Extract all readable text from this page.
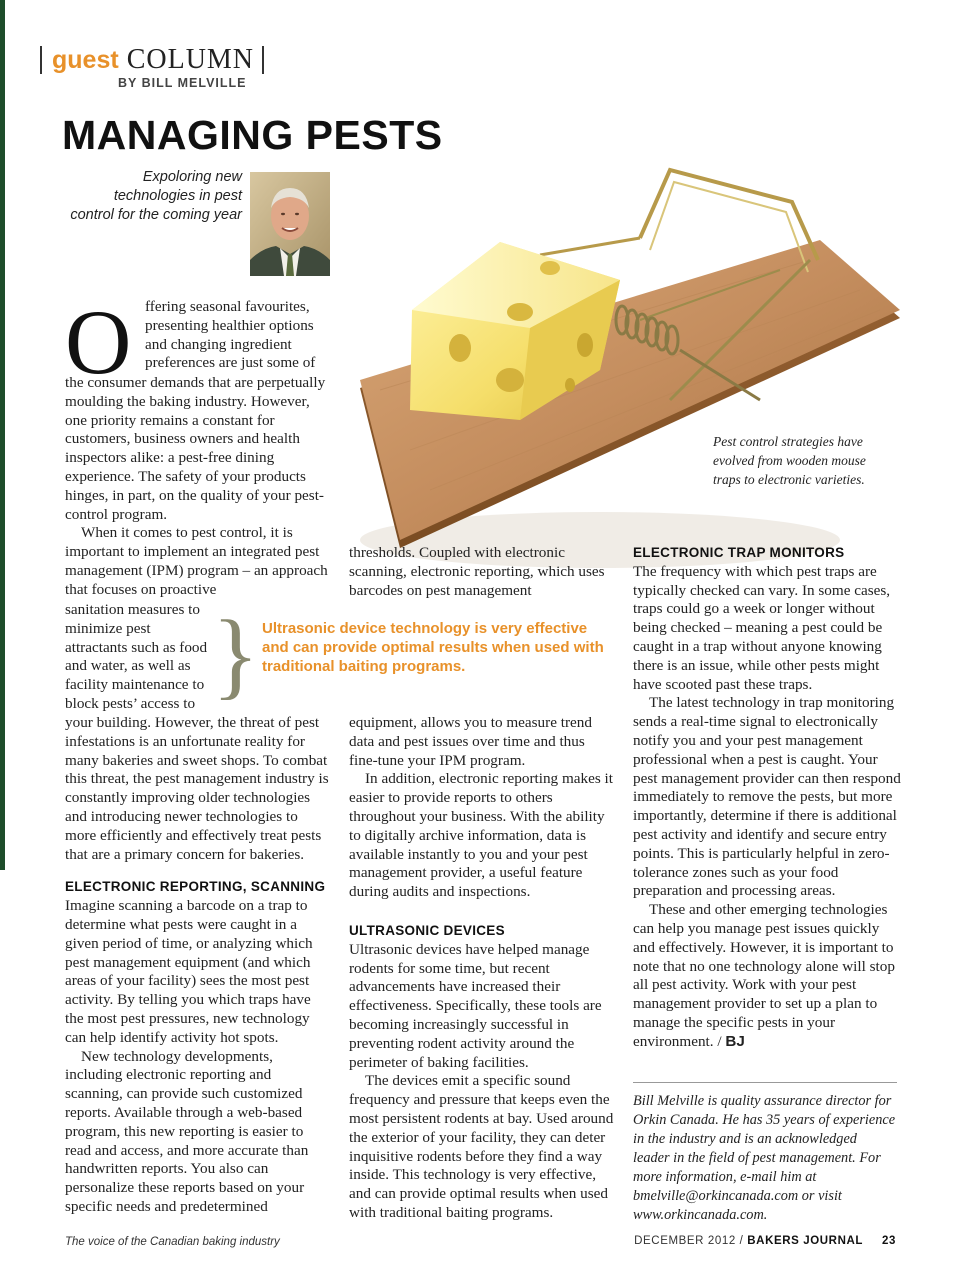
guest COLUMN
BY BILL MELVILLE
MANAGING PESTS
Expoloring new technologies in pest control for the coming year
Pest control strategies have evolved from wooden mouse traps to electronic varieties.
O ffering seasonal favourites,
presenting healthier options
and changing ingredient
preferences are just some of

the consumer demands that are perpetually moulding the baking industry. However, one priority remains a constant for customers, business owners and health inspectors alike: a pest-free dining experience. The safety of your products hinges, in part, on the quality of your pest-control program.

When it comes to pest control, it is important to implement an integrated pest management (IPM) program – an approach that focuses on proactive

sanitation measures to
minimize pest
attractants such as food
and water, as well as
facility maintenance to
block pests’ access to

your building. However, the threat of pest infestations is an unfortunate reality for many bakeries and sweet shops. To combat this threat, the pest management industry is constantly improving older technologies and introducing newer technologies to more efficiently and effectively treat pests that are a primary concern for bakeries.

ELECTRONIC REPORTING, SCANNING

Imagine scanning a barcode on a trap to determine what pests were caught in a given period of time, or analyzing which pest management equipment (and which areas of your facility) sees the most pest activity. By telling you which traps have the most pest pressures, new technology can help identify activity hot spots.

New technology developments, including electronic reporting and scanning, can provide such customized reports. Available through a web-based program, this new reporting is easier to read and access, and more accurate than handwritten reports. You also can personalize these reports based on your specific needs and predetermined

} Ultrasonic device technology is very effective and can provide optimal results when used with traditional baiting programs.

thresholds. Coupled with electronic scanning, electronic reporting, which uses barcodes on pest management

equipment, allows you to measure trend data and pest issues over time and thus fine-tune your IPM program.

In addition, electronic reporting makes it easier to provide reports to others throughout your business. With the ability to digitally archive information, data is available instantly to you and your pest management provider, a useful feature during audits and inspections.

ULTRASONIC DEVICES

Ultrasonic devices have helped manage rodents for some time, but recent advancements have increased their effectiveness. Specifically, these tools are becoming increasingly successful in preventing rodent activity around the perimeter of baking facilities.

The devices emit a specific sound frequency and pressure that keeps even the most persistent rodents at bay. Used around the exterior of your facility, they can deter inquisitive rodents before they find a way inside. This technology is very effective, and can provide optimal results when used with traditional baiting programs.

ELECTRONIC TRAP MONITORS

The frequency with which pest traps are typically checked can vary. In some cases, traps could go a week or longer without being checked – meaning a pest could be caught in a trap without anyone knowing there is an issue, while other pests might have scooted past these traps.

The latest technology in trap monitoring sends a real-time signal to electronically notify you and your pest management professional when a pest is caught. Your pest management provider can then respond immediately to remove the pests, but more importantly, determine if there is additional pest activity and identify and secure entry points. This is particularly helpful in zero-tolerance zones such as your food preparation and processing areas.

These and other emerging technologies can help you manage pest issues quickly and effectively. However, it is important to note that no one technology alone will stop all pest activity. Work with your pest management provider to set up a plan to manage the specific pests in your environment. / BJ

Bill Melville is quality assurance director for Orkin Canada. He has 35 years of experience in the industry and is an acknowledged leader in the field of pest management. For more information, e-mail him at bmelville@orkincanada.com or visit www.orkincanada.com.
The voice of the Canadian baking industry	DECEMBER 2012 / BAKERS JOURNAL 23
